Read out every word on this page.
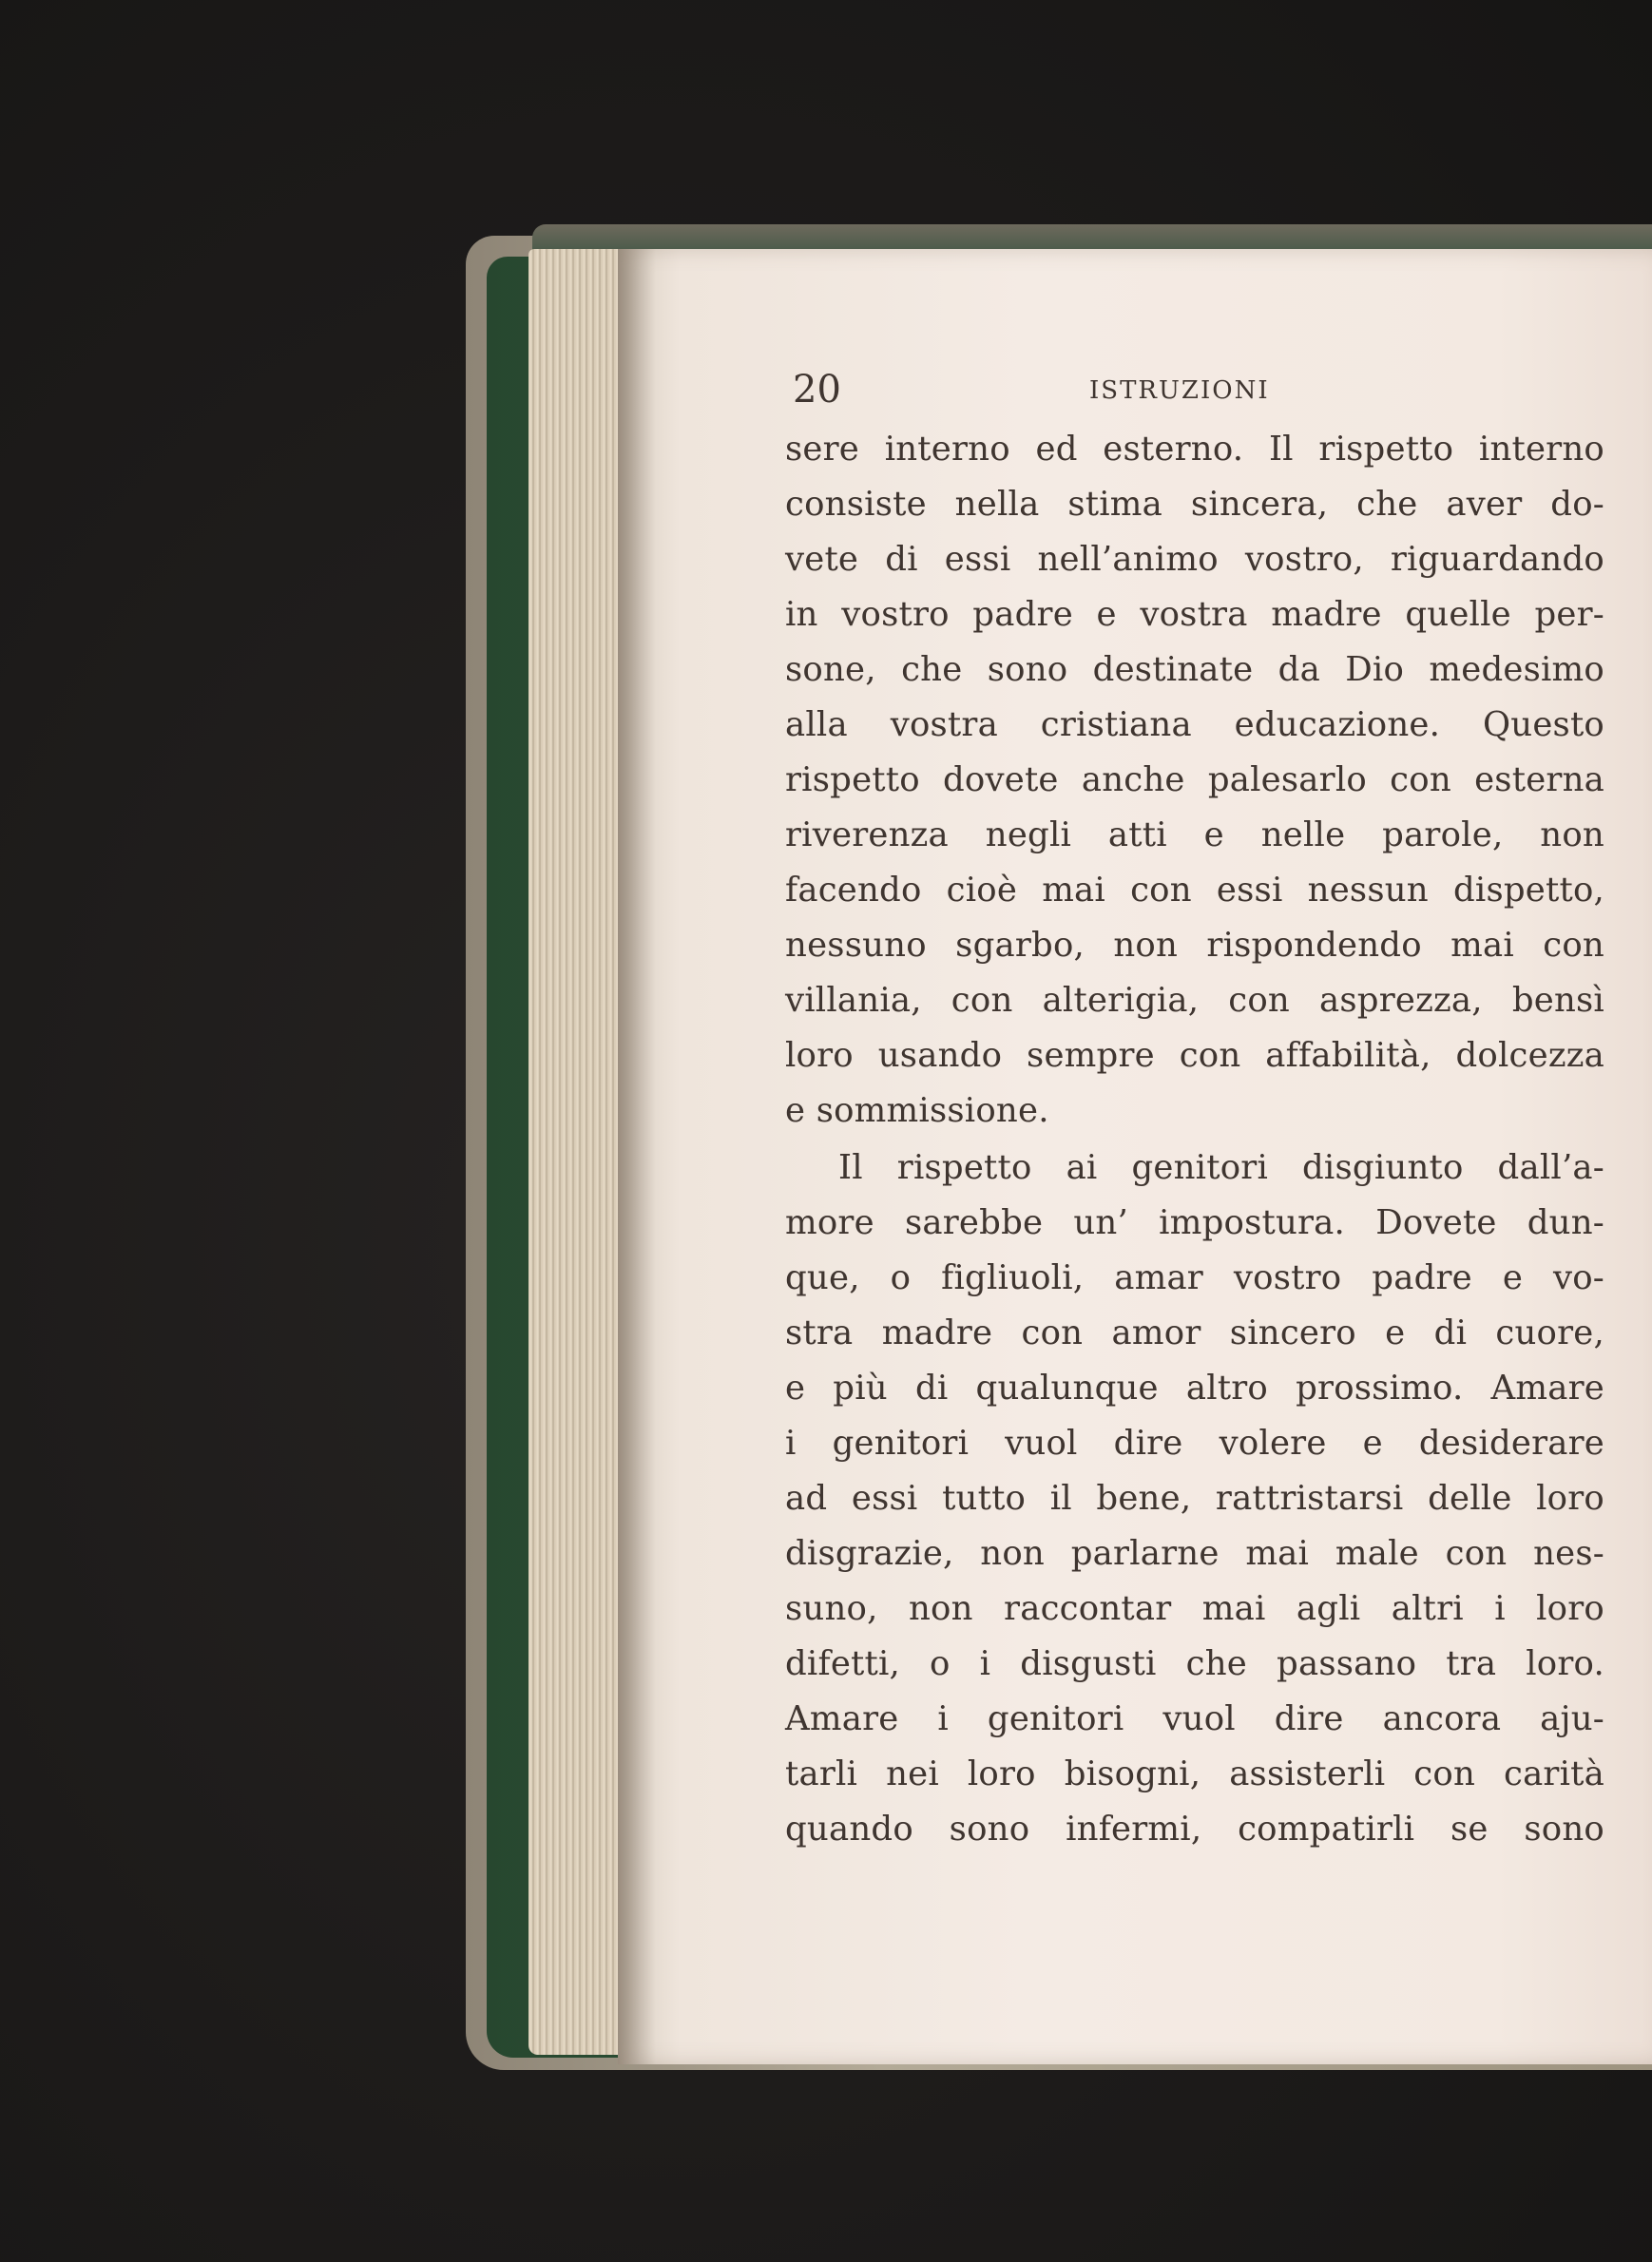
20	ISTRUZIONI
sere interno ed esterno. Il rispetto interno
consiste nella stima sincera, che aver do-
vete di essi nell’animo vostro, riguardando
in vostro padre e vostra madre quelle per-
sone, che sono destinate da Dio medesimo
alla vostra cristiana educazione. Questo
rispetto dovete anche palesarlo con esterna
riverenza negli atti e nelle parole, non
facendo cioè mai con essi nessun dispetto,
nessuno sgarbo, non rispondendo mai con
villania, con alterigia, con asprezza, bensì
loro usando sempre con affabilità, dolcezza
e sommissione.
Il rispetto ai genitori disgiunto dall’a-
more sarebbe un’ impostura. Dovete dun-
que, o figliuoli, amar vostro padre e vo-
stra madre con amor sincero e di cuore,
e più di qualunque altro prossimo. Amare
i genitori vuol dire volere e desiderare
ad essi tutto il bene, rattristarsi delle loro
disgrazie, non parlarne mai male con nes-
suno, non raccontar mai agli altri i loro
difetti, o i disgusti che passano tra loro.
Amare i genitori vuol dire ancora aju-
tarli nei loro bisogni, assisterli con carità
quando sono infermi, compatirli se sono
